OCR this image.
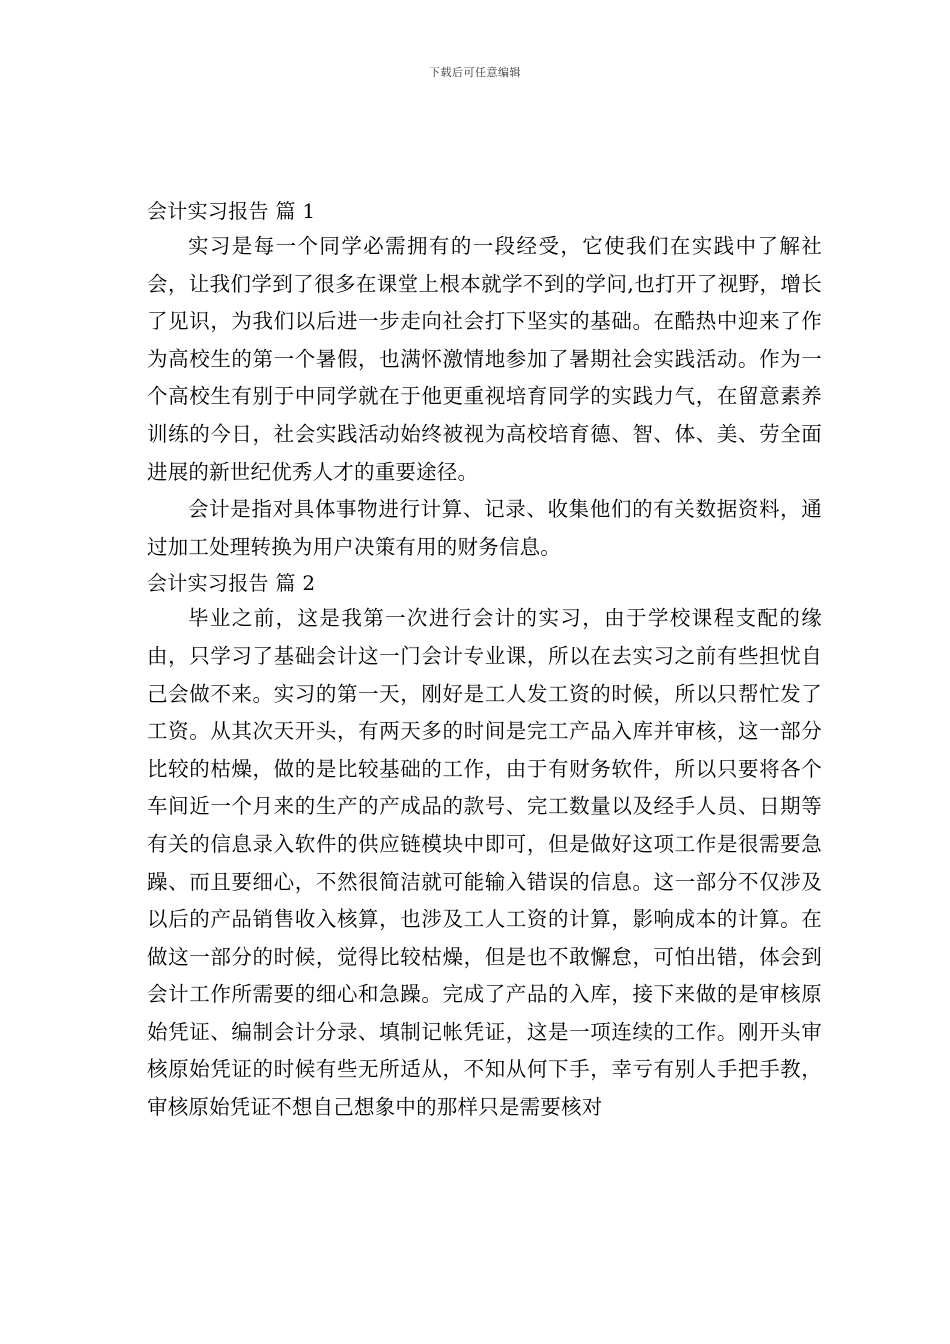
下载后可任意编辑
会计实习报告 篇 1

实习是每一个同学必需拥有的一段经受，它使我们在实践中了解社会，让我们学到了很多在课堂上根本就学不到的学问,也打开了视野，增长了见识，为我们以后进一步走向社会打下坚实的基础。在酷热中迎来了作为高校生的第一个暑假，也满怀激情地参加了暑期社会实践活动。作为一个高校生有别于中同学就在于他更重视培育同学的实践力气，在留意素养训练的今日，社会实践活动始终被视为高校培育德、智、体、美、劳全面进展的新世纪优秀人才的重要途径。

会计是指对具体事物进行计算、记录、收集他们的有关数据资料，通过加工处理转换为用户决策有用的财务信息。

会计实习报告 篇 2

毕业之前，这是我第一次进行会计的实习，由于学校课程支配的缘由，只学习了基础会计这一门会计专业课，所以在去实习之前有些担忧自己会做不来。实习的第一天，刚好是工人发工资的时候，所以只帮忙发了工资。从其次天开头，有两天多的时间是完工产品入库并审核，这一部分比较的枯燥，做的是比较基础的工作，由于有财务软件，所以只要将各个车间近一个月来的生产的产成品的款号、完工数量以及经手人员、日期等有关的信息录入软件的供应链模块中即可，但是做好这项工作是很需要急躁、而且要细心，不然很简洁就可能输入错误的信息。这一部分不仅涉及以后的产品销售收入核算，也涉及工人工资的计算，影响成本的计算。在做这一部分的时候，觉得比较枯燥，但是也不敢懈怠，可怕出错，体会到会计工作所需要的细心和急躁。完成了产品的入库，接下来做的是审核原始凭证、编制会计分录、填制记帐凭证，这是一项连续的工作。刚开头审核原始凭证的时候有些无所适从，不知从何下手，幸亏有别人手把手教，审核原始凭证不想自己想象中的那样只是需要核对
